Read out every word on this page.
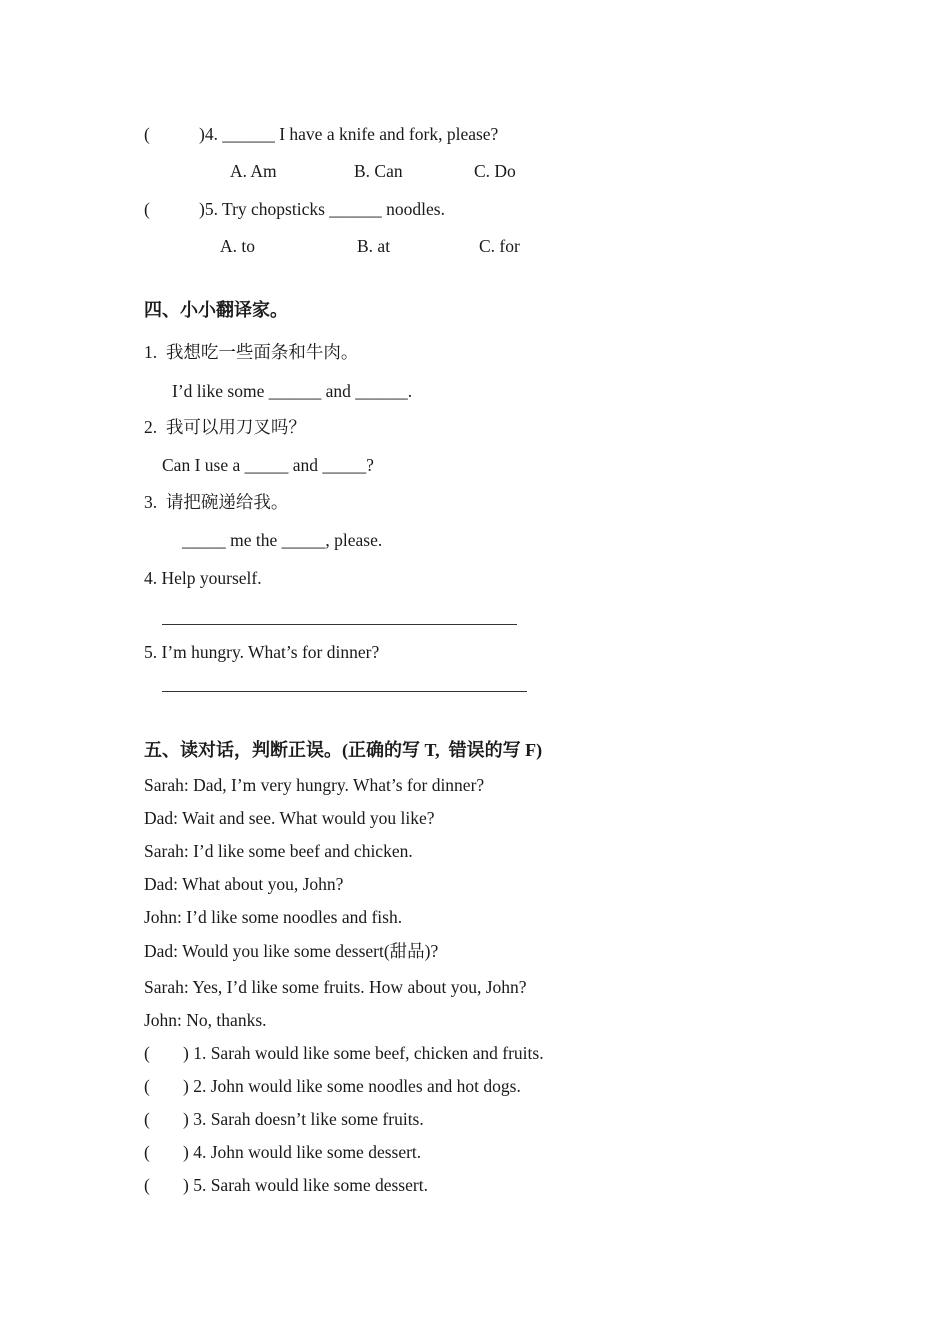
(	)4. ______ I have a knife and fork, please?
A. Am	B. Can	C. Do
(	)5. Try chopsticks ______ noodles.
A. to	B. at	C. for
四、小小翻译家。
1.  我想吃一些面条和牛肉。
I’d like some ______ and ______.
2.  我可以用刀叉吗？
Can I use a _____ and _____?
3.  请把碗递给我。
_____ me the _____, please.
4. Help yourself.
5. I’m hungry. What’s for dinner?
五、读对话，判断正误。(正确的写 T,  错误的写 F)
Sarah: Dad, I’m very hungry. What’s for dinner?
Dad: Wait and see. What would you like?
Sarah: I’d like some beef and chicken.
Dad: What about you, John?
John: I’d like some noodles and fish.
Dad: Would you like some dessert(甜品)?
Sarah: Yes, I’d like some fruits. How about you, John?
John: No, thanks.
( ) 1. Sarah would like some beef, chicken and fruits.
( ) 2. John would like some noodles and hot dogs.
( ) 3. Sarah doesn’t like some fruits.
( ) 4. John would like some dessert.
( ) 5. Sarah would like some dessert.
